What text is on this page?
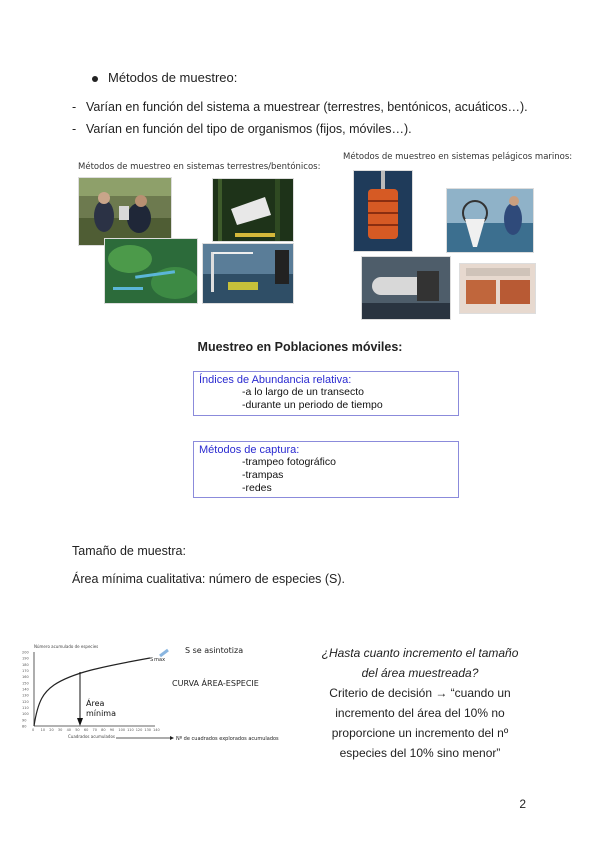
Métodos de muestreo:
- Varían en función del sistema a muestrear (terrestres, bentónicos, acuáticos…).
- Varían en función del tipo de organismos (fijos, móviles…).
Métodos de muestreo en sistemas terrestres/bentónicos:
Métodos de muestreo en sistemas pelágicos marinos:
Muestreo en Poblaciones móviles:
Índices de Abundancia relativa:
-a lo largo de un transecto
-durante un periodo de tiempo
Métodos de captura:
-trampeo fotográfico
-trampas
-redes
Tamaño de muestra:
Área mínima cualitativa: número de especies (S).
Número acumulado de especies
200
190
180
170
160
150
140
130
120
110
100
90
80
0 10 20 30 40 50 60 70 80 90 100 110 120 130 140
S max
Área
mínima
S se asintotiza
CURVA ÁREA-ESPECIE
Cuadrados acumulados	Nº de cuadrados explorados acumulados
¿Hasta cuanto incremento el tamaño del área muestreada?
Criterio de decisión → “cuando un incremento del área del 10% no proporcione un incremento del nº especies del 10% sino menor”
2
